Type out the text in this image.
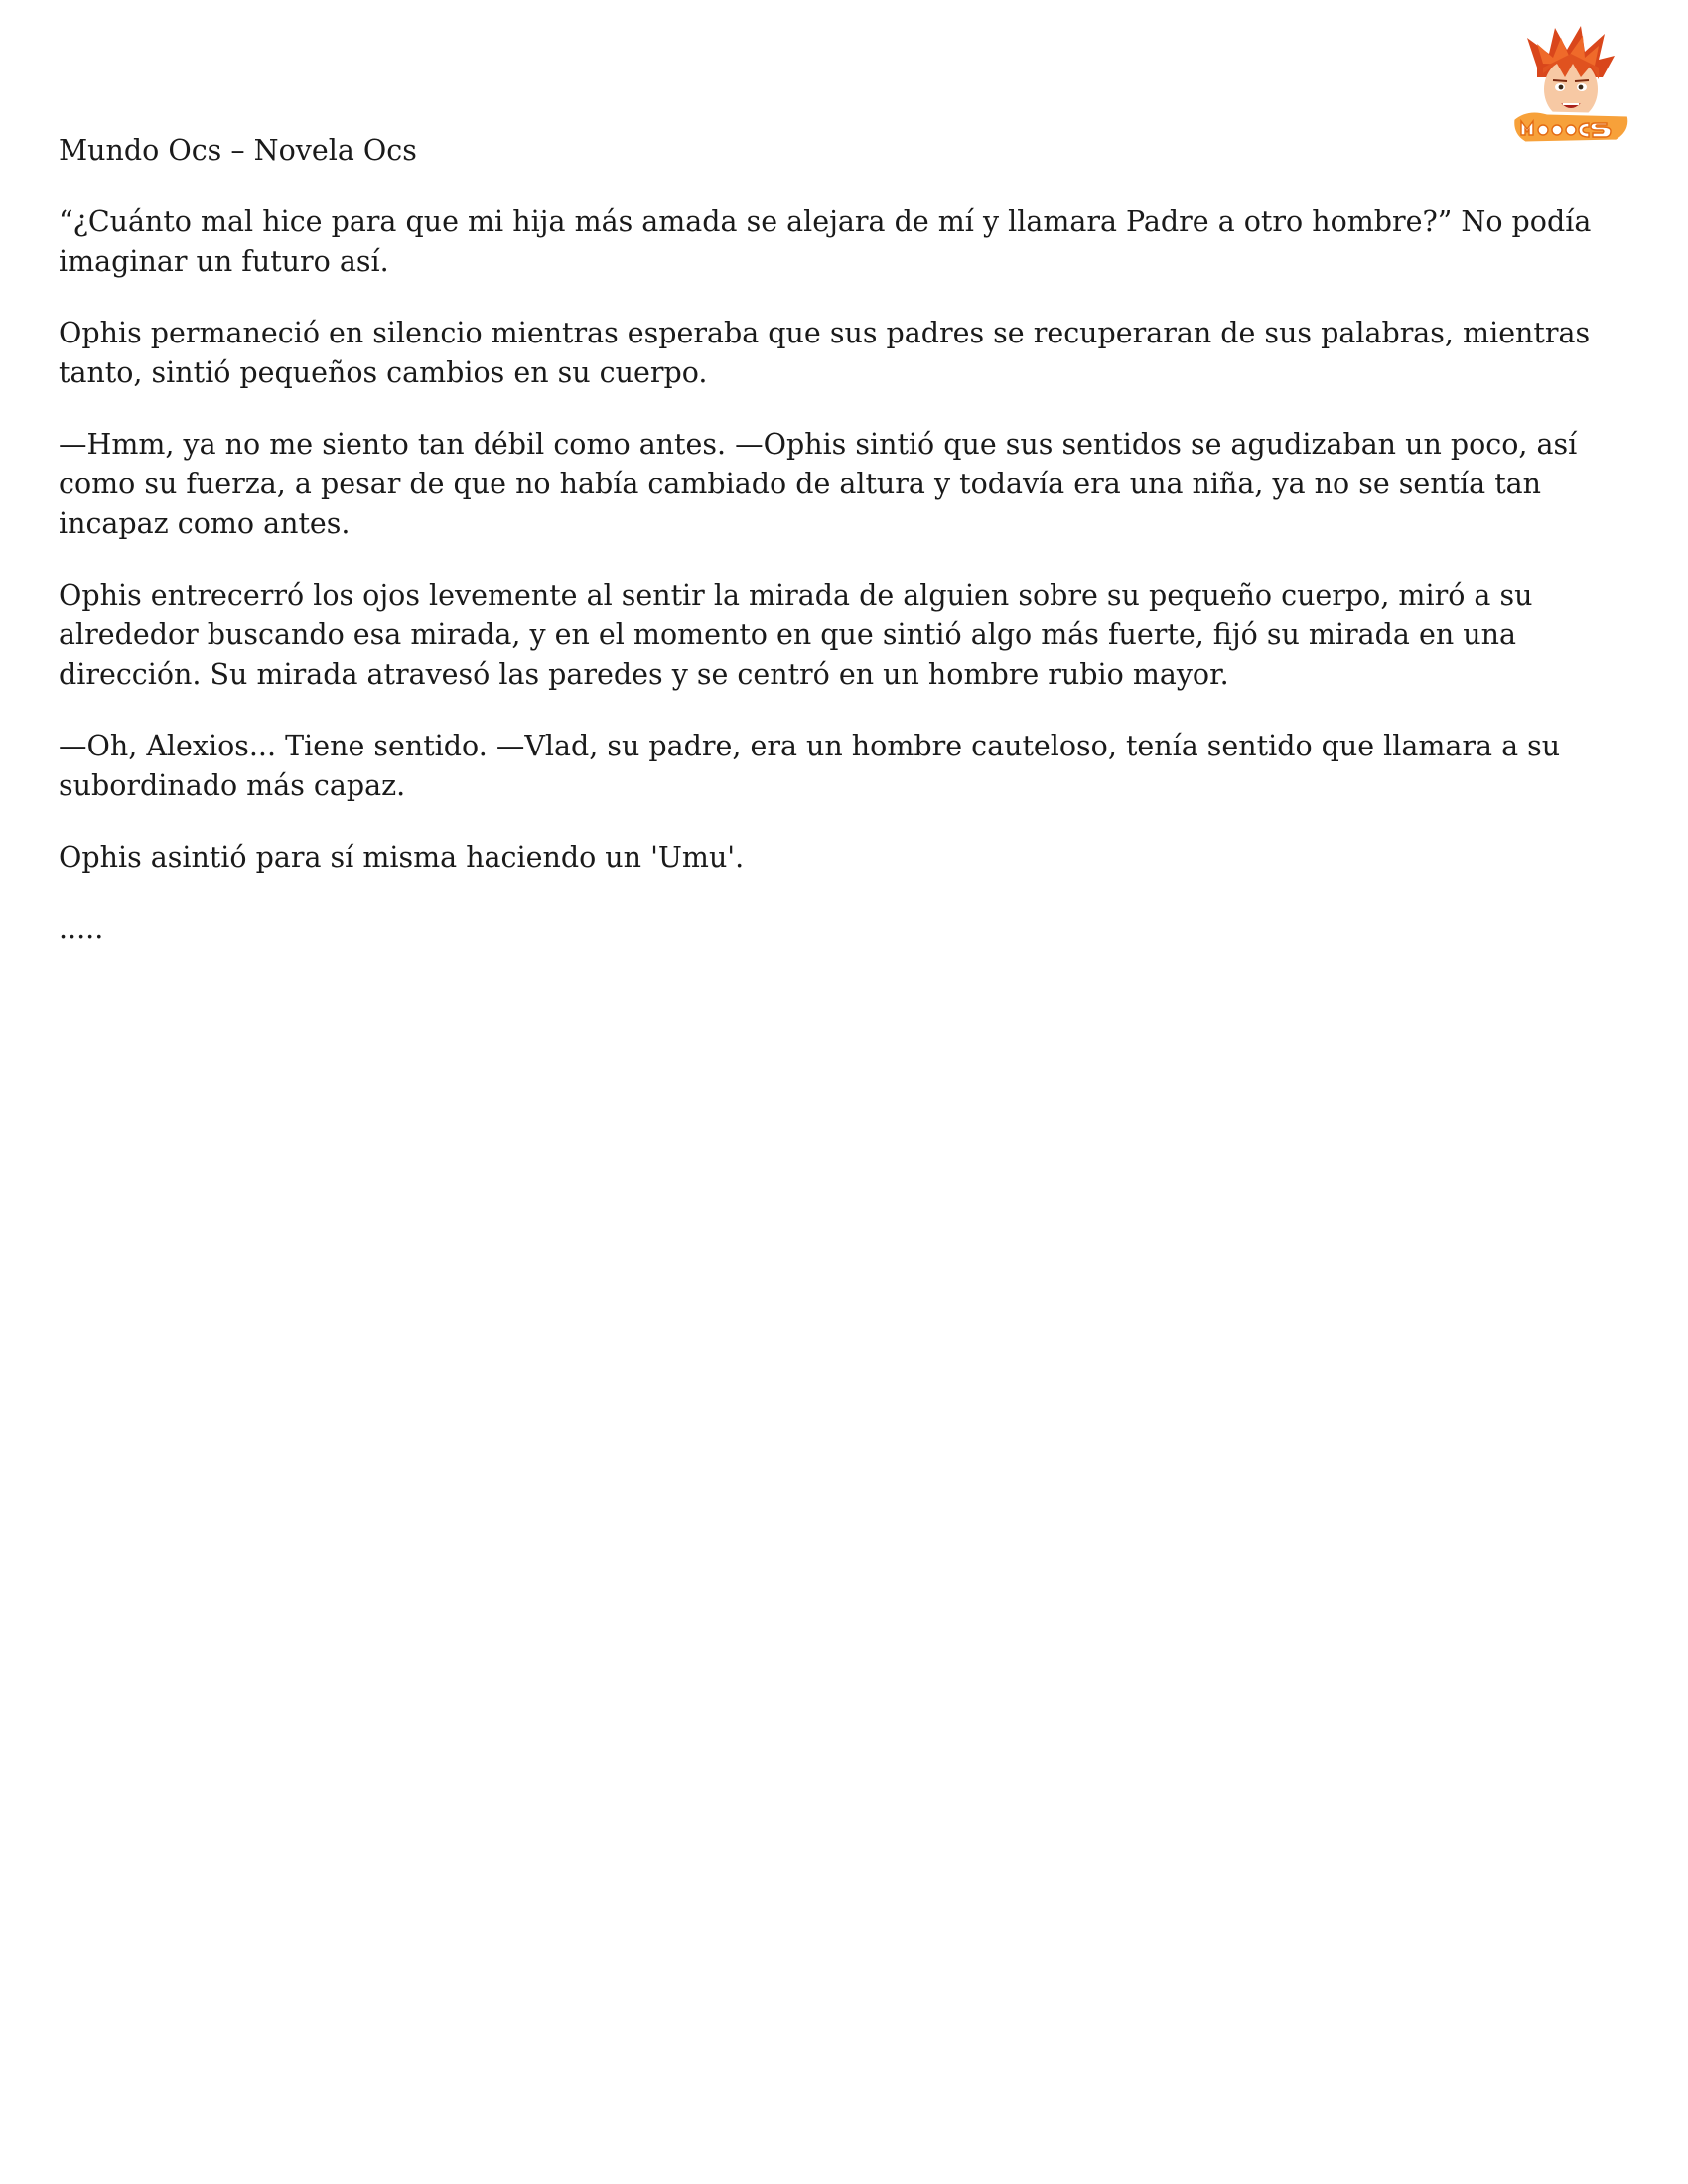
Mundo Ocs – Novela Ocs

“¿Cuánto mal hice para que mi hija más amada se alejara de mí y llamara Padre a otro hombre?” No podía imaginar un futuro así.

Ophis permaneció en silencio mientras esperaba que sus padres se recuperaran de sus palabras, mientras tanto, sintió pequeños cambios en su cuerpo.

—Hmm, ya no me siento tan débil como antes. —Ophis sintió que sus sentidos se agudizaban un poco, así como su fuerza, a pesar de que no había cambiado de altura y todavía era una niña, ya no se sentía tan incapaz como antes.

Ophis entrecerró los ojos levemente al sentir la mirada de alguien sobre su pequeño cuerpo, miró a su alrededor buscando esa mirada, y en el momento en que sintió algo más fuerte, fijó su mirada en una dirección. Su mirada atravesó las paredes y se centró en un hombre rubio mayor.

—Oh, Alexios... Tiene sentido. —Vlad, su padre, era un hombre cauteloso, tenía sentido que llamara a su subordinado más capaz.

Ophis asintió para sí misma haciendo un 'Umu'.

.....
